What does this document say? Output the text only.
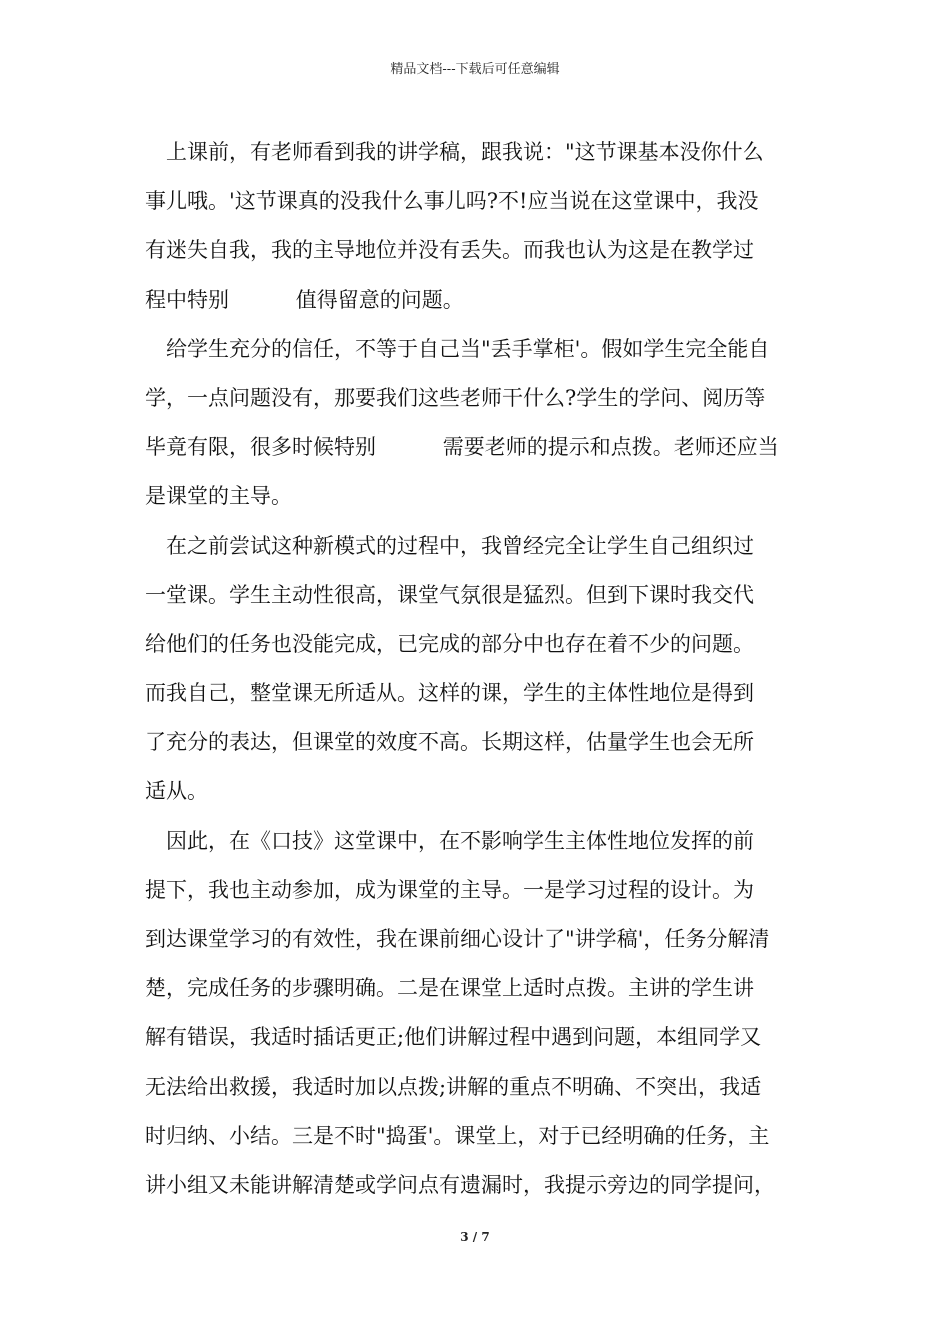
精品文档---下载后可任意编辑
上课前，有老师看到我的讲学稿，跟我说："这节课基本没你什么
事儿哦。'这节课真的没我什么事儿吗?不!应当说在这堂课中，我没
有迷失自我，我的主导地位并没有丢失。而我也认为这是在教学过
程中特别          值得留意的问题。
给学生充分的信任，不等于自己当"丢手掌柜'。假如学生完全能自
学，一点问题没有，那要我们这些老师干什么?学生的学问、阅历等
毕竟有限，很多时候特别          需要老师的提示和点拨。老师还应当
是课堂的主导。
在之前尝试这种新模式的过程中，我曾经完全让学生自己组织过
一堂课。学生主动性很高，课堂气氛很是猛烈。但到下课时我交代
给他们的任务也没能完成，已完成的部分中也存在着不少的问题。
而我自己，整堂课无所适从。这样的课，学生的主体性地位是得到
了充分的表达，但课堂的效度不高。长期这样，估量学生也会无所
适从。
因此，在《口技》这堂课中，在不影响学生主体性地位发挥的前
提下，我也主动参加，成为课堂的主导。一是学习过程的设计。为
到达课堂学习的有效性，我在课前细心设计了"讲学稿'，任务分解清
楚，完成任务的步骤明确。二是在课堂上适时点拨。主讲的学生讲
解有错误，我适时插话更正;他们讲解过程中遇到问题，本组同学又
无法给出救援，我适时加以点拨;讲解的重点不明确、不突出，我适
时归纳、小结。三是不时"捣蛋'。课堂上，对于已经明确的任务，主
讲小组又未能讲解清楚或学问点有遗漏时，我提示旁边的同学提问，
3 / 7
